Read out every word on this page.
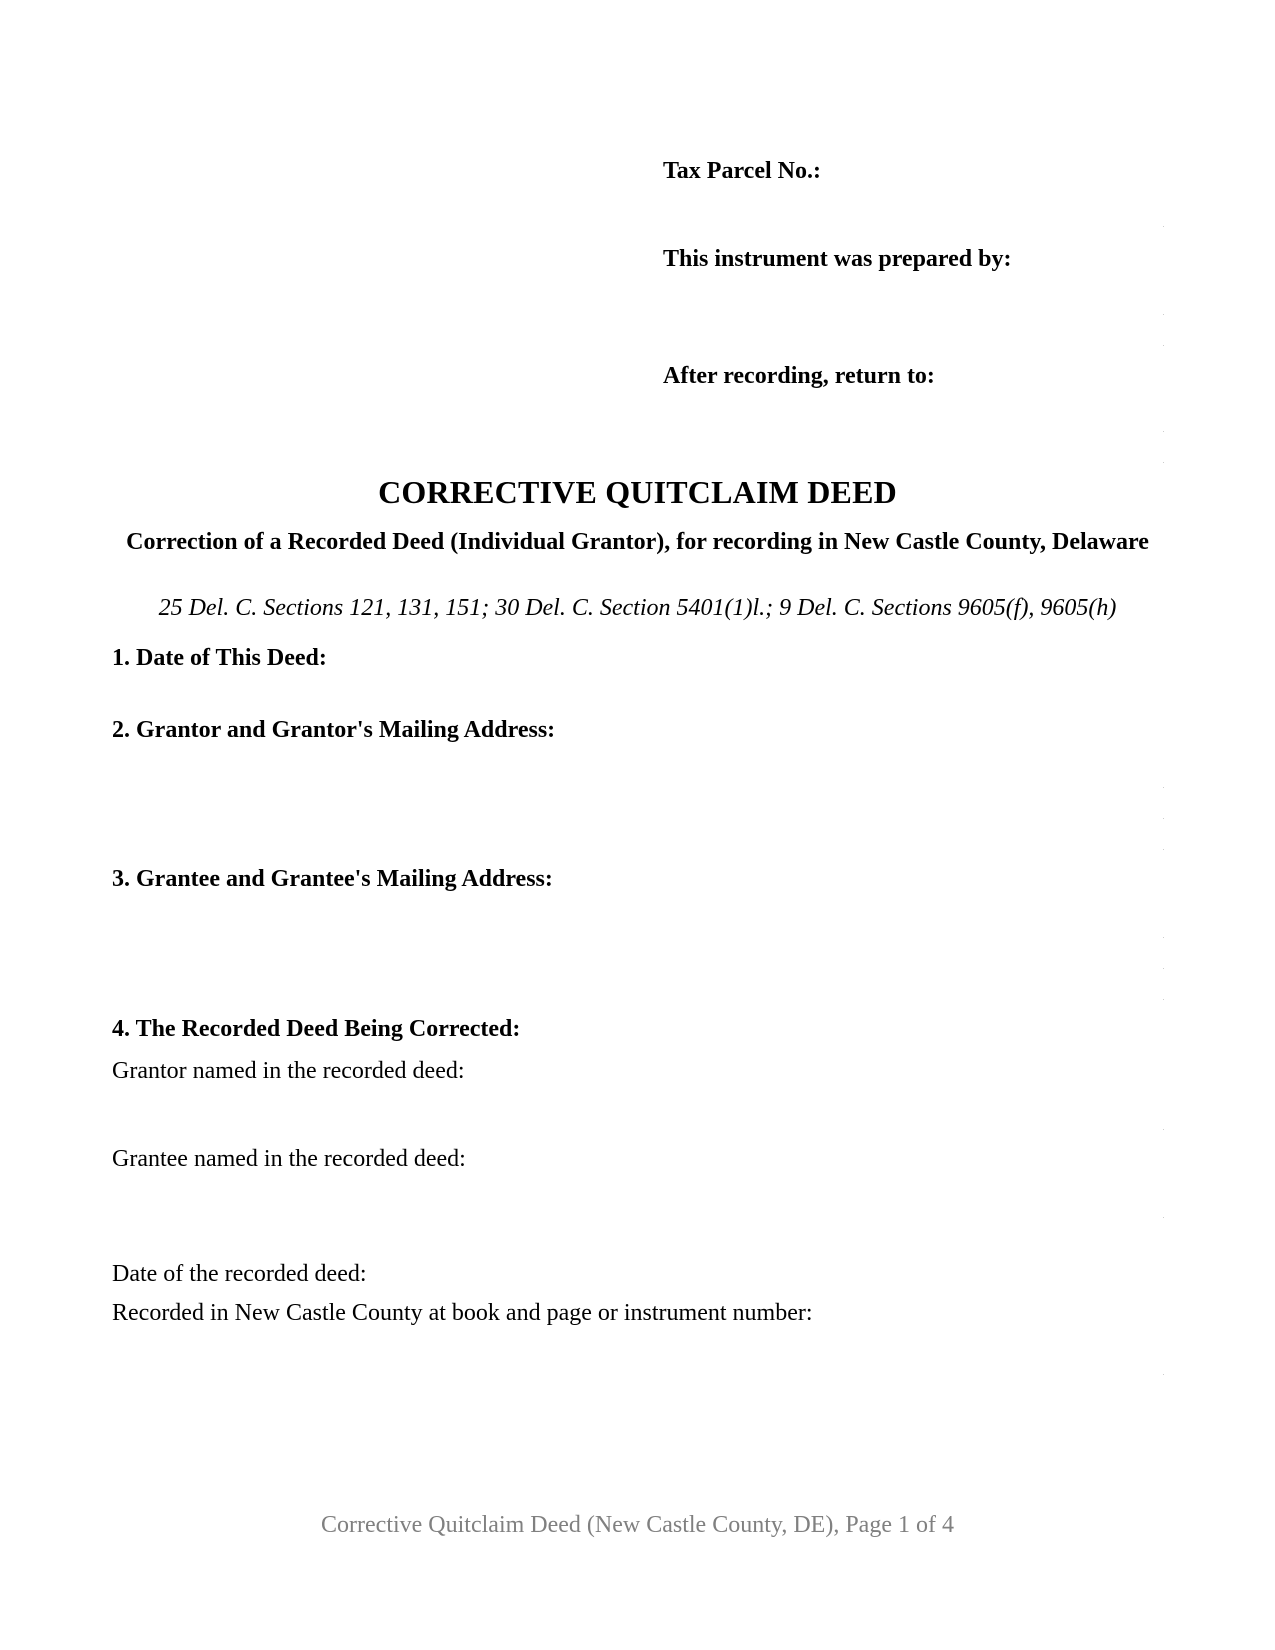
Tax Parcel No.:
This instrument was prepared by:
After recording, return to:
CORRECTIVE QUITCLAIM DEED
Correction of a Recorded Deed (Individual Grantor), for recording in New Castle County, Delaware
25 Del. C. Sections 121, 131, 151; 30 Del. C. Section 5401(1)l.; 9 Del. C. Sections 9605(f), 9605(h)
1. Date of This Deed:
2. Grantor and Grantor's Mailing Address:
3. Grantee and Grantee's Mailing Address:
4. The Recorded Deed Being Corrected:
Grantor named in the recorded deed:
Grantee named in the recorded deed:
Date of the recorded deed:
Recorded in New Castle County at book and page or instrument number:
Corrective Quitclaim Deed (New Castle County, DE), Page 1 of 4
